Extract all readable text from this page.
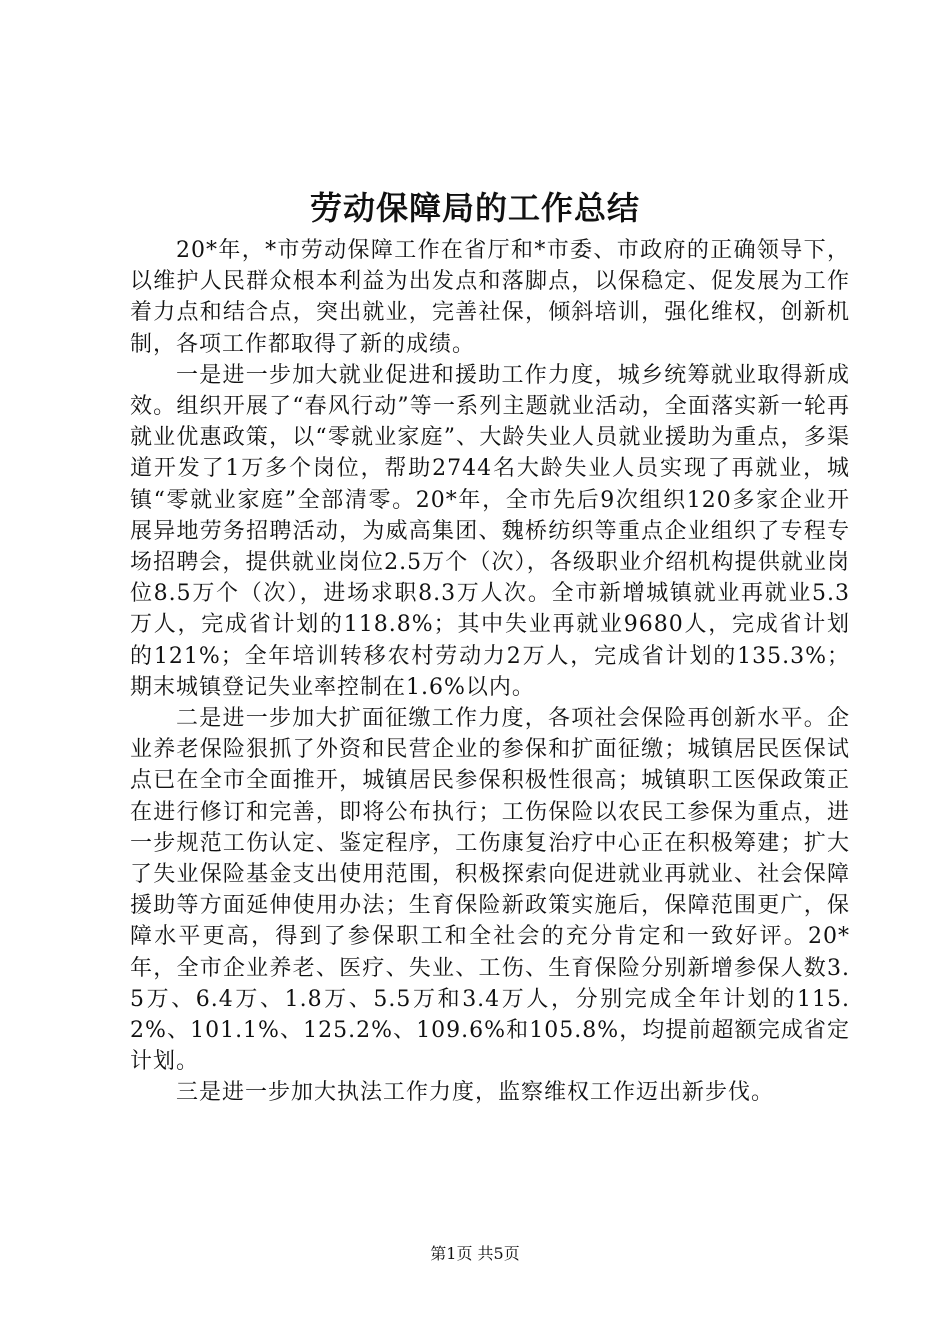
劳动保障局的工作总结

20*年，*市劳动保障工作在省厅和*市委、市政府的正确领导下，以维护人民群众根本利益为出发点和落脚点，以保稳定、促发展为工作着力点和结合点，突出就业，完善社保，倾斜培训，强化维权，创新机制，各项工作都取得了新的成绩。

一是进一步加大就业促进和援助工作力度，城乡统筹就业取得新成效。组织开展了“春风行动”等一系列主题就业活动，全面落实新一轮再就业优惠政策，以“零就业家庭”、大龄失业人员就业援助为重点，多渠道开发了1万多个岗位，帮助2744名大龄失业人员实现了再就业，城镇“零就业家庭”全部清零。20*年，全市先后9次组织120多家企业开展异地劳务招聘活动，为威高集团、魏桥纺织等重点企业组织了专程专场招聘会，提供就业岗位2.5万个（次），各级职业介绍机构提供就业岗位8.5万个（次），进场求职8.3万人次。全市新增城镇就业再就业5.3万人，完成省计划的118.8%；其中失业再就业9680人，完成省计划的121%；全年培训转移农村劳动力2万人，完成省计划的135.3%；期末城镇登记失业率控制在1.6%以内。

二是进一步加大扩面征缴工作力度，各项社会保险再创新水平。企业养老保险狠抓了外资和民营企业的参保和扩面征缴；城镇居民医保试点已在全市全面推开，城镇居民参保积极性很高；城镇职工医保政策正在进行修订和完善，即将公布执行；工伤保险以农民工参保为重点，进一步规范工伤认定、鉴定程序，工伤康复治疗中心正在积极筹建；扩大了失业保险基金支出使用范围，积极探索向促进就业再就业、社会保障援助等方面延伸使用办法；生育保险新政策实施后，保障范围更广，保障水平更高，得到了参保职工和全社会的充分肯定和一致好评。20*年，全市企业养老、医疗、失业、工伤、生育保险分别新增参保人数3.5万、6.4万、1.8万、5.5万和3.4万人，分别完成全年计划的115.2%、101.1%、125.2%、109.6%和105.8%，均提前超额完成省定计划。

三是进一步加大执法工作力度，监察维权工作迈出新步伐。

第1页 共5页
